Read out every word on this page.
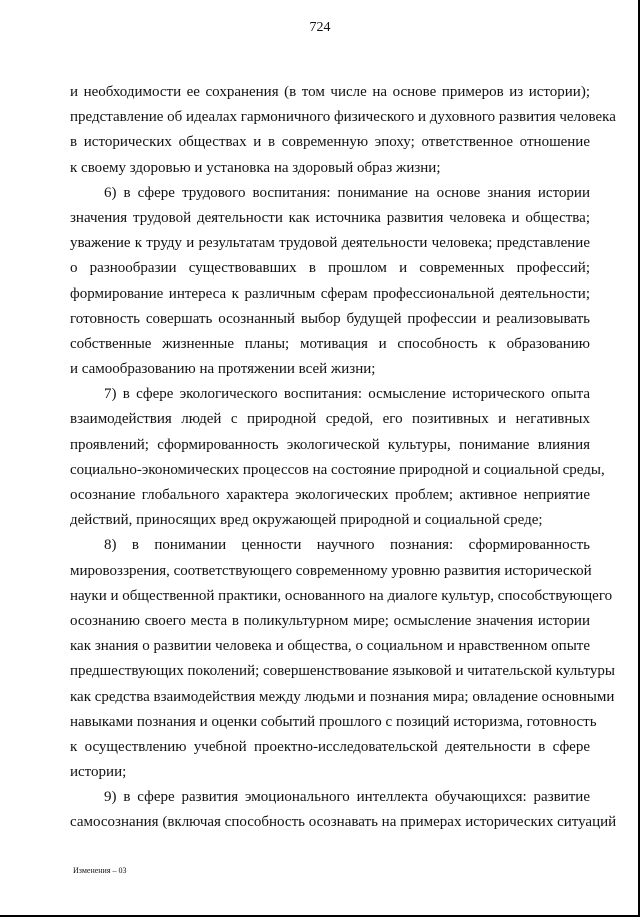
724
и необходимости ее сохранения (в том числе на основе примеров из истории);
представление об идеалах гармоничного физического и духовного развития человека
в исторических обществах и в современную эпоху; ответственное отношение
к своему здоровью и установка на здоровый образ жизни;
6) в сфере трудового воспитания: понимание на основе знания истории
значения трудовой деятельности как источника развития человека и общества;
уважение к труду и результатам трудовой деятельности человека; представление
о разнообразии существовавших в прошлом и современных профессий;
формирование интереса к различным сферам профессиональной деятельности;
готовность совершать осознанный выбор будущей профессии и реализовывать
собственные жизненные планы; мотивация и способность к образованию
и самообразованию на протяжении всей жизни;
7) в сфере экологического воспитания: осмысление исторического опыта
взаимодействия людей с природной средой, его позитивных и негативных
проявлений; сформированность экологической культуры, понимание влияния
социально-экономических процессов на состояние природной и социальной среды,
осознание глобального характера экологических проблем; активное неприятие
действий, приносящих вред окружающей природной и социальной среде;
8) в понимании ценности научного познания: сформированность
мировоззрения, соответствующего современному уровню развития исторической
науки и общественной практики, основанного на диалоге культур, способствующего
осознанию своего места в поликультурном мире; осмысление значения истории
как знания о развитии человека и общества, о социальном и нравственном опыте
предшествующих поколений; совершенствование языковой и читательской культуры
как средства взаимодействия между людьми и познания мира; овладение основными
навыками познания и оценки событий прошлого с позиций историзма, готовность
к осуществлению учебной проектно-исследовательской деятельности в сфере
истории;
9) в сфере развития эмоционального интеллекта обучающихся: развитие
самосознания (включая способность осознавать на примерах исторических ситуаций
Изменения – 03
